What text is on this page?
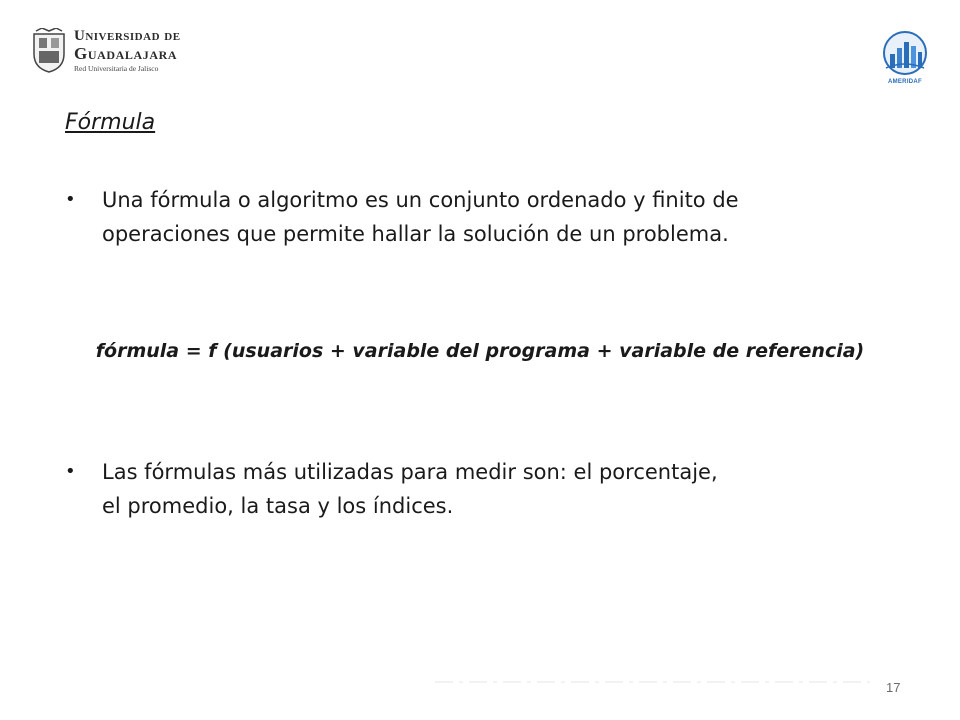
Universidad de
Guadalajara
Red Universitaria de Jalisco
AMERIDAF
Fórmula
• Una fórmula o algoritmo es un conjunto ordenado y finito de
operaciones que permite hallar la solución de un problema.
fórmula = f (usuarios + variable del programa + variable de referencia)
• Las fórmulas más utilizadas para medir son: el porcentaje,
el promedio, la tasa y los índices.
17
